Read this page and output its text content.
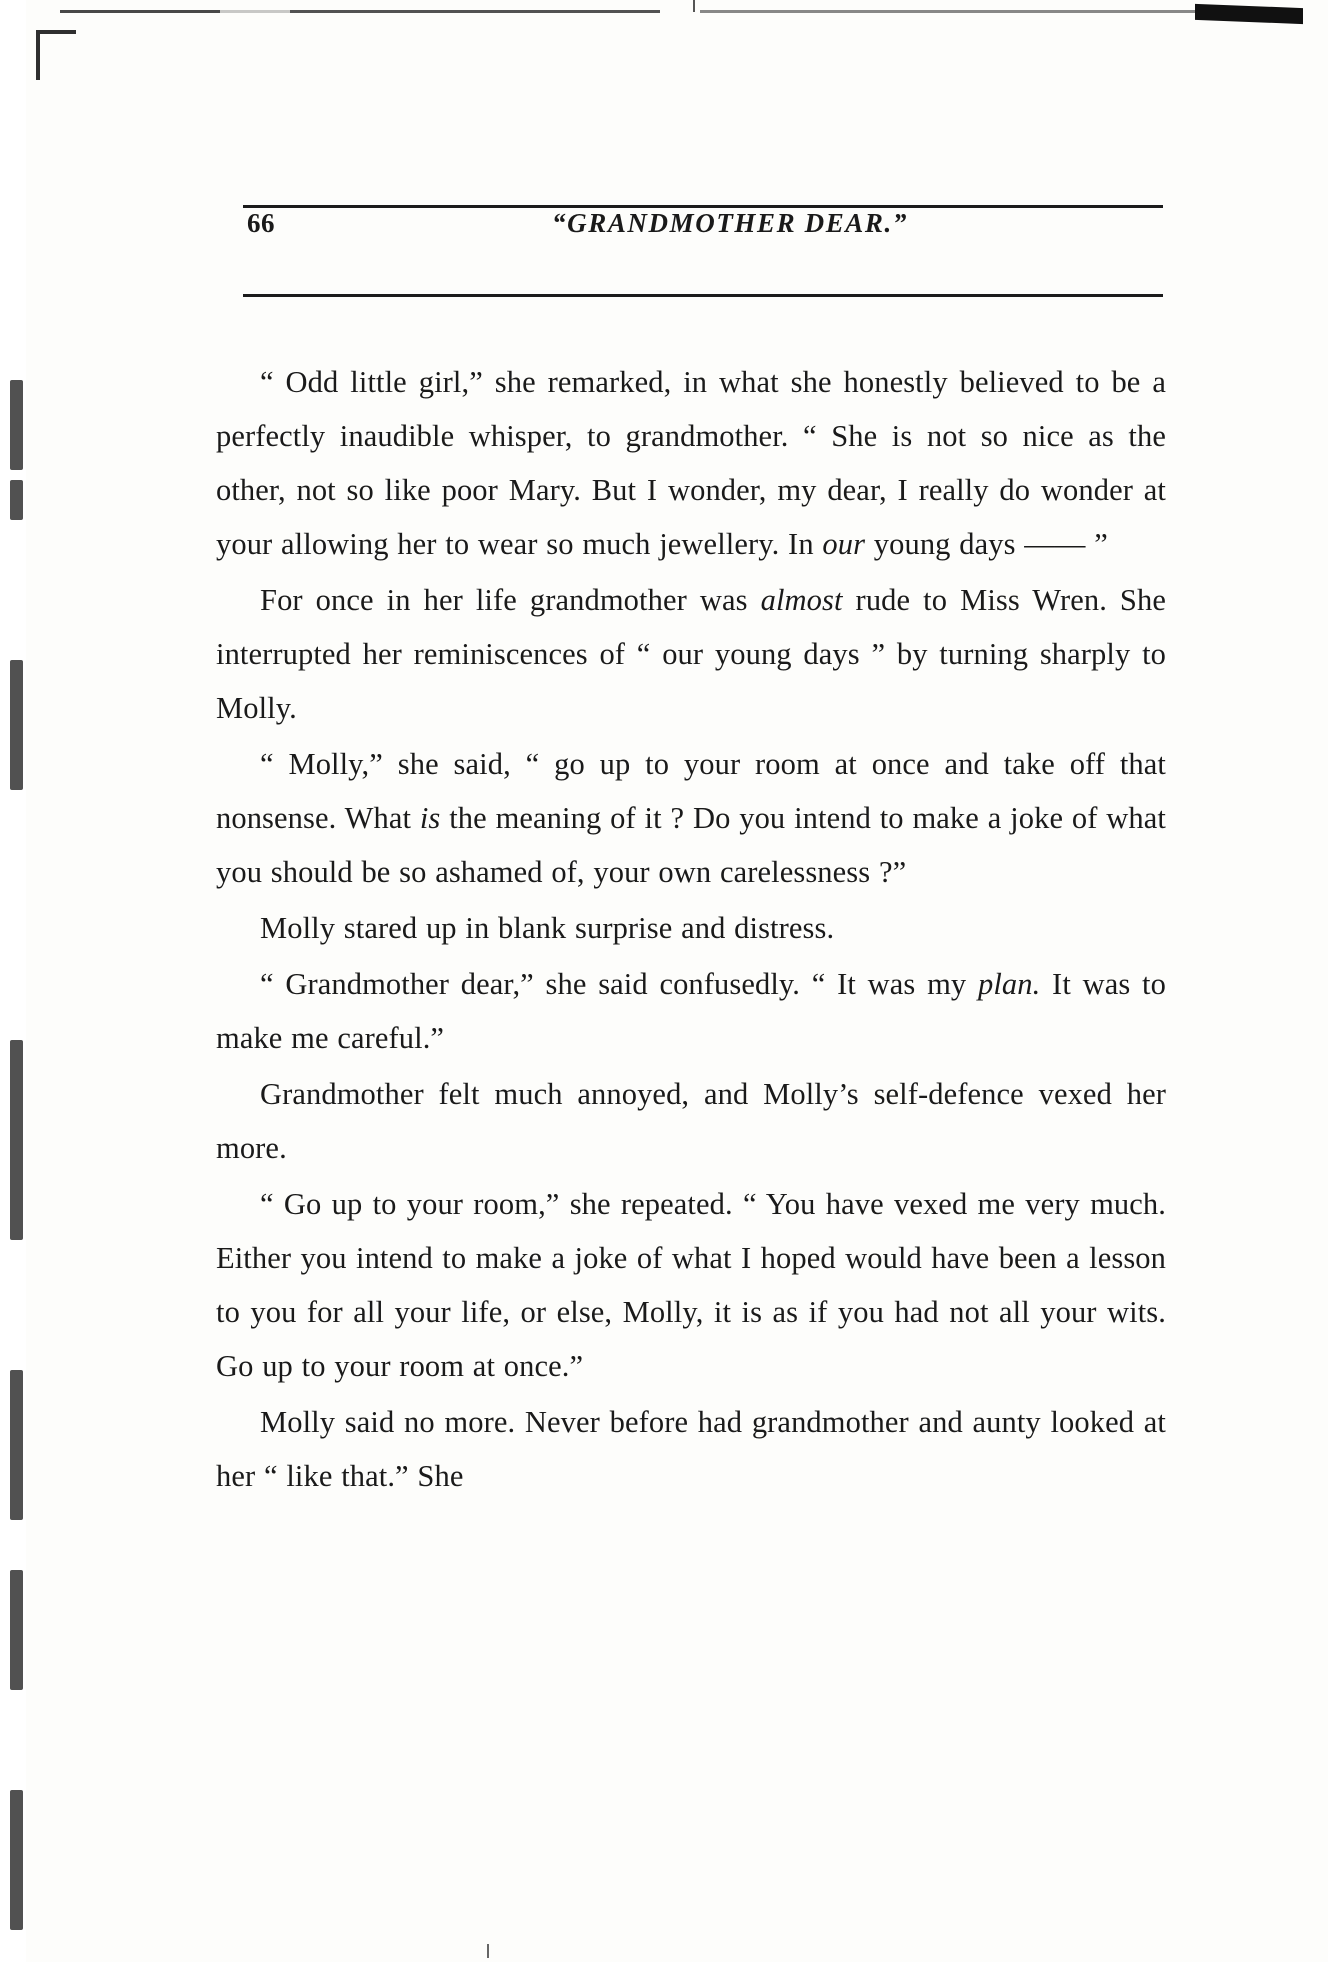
66	“GRANDMOTHER DEAR.”

“ Odd little girl,” she remarked, in what she honestly believed to be a perfectly inaudible whisper, to grandmother. “ She is not so nice as the other, not so like poor Mary. But I wonder, my dear, I really do wonder at your allowing her to wear so much jewellery. In our young days —— ”

For once in her life grandmother was almost rude to Miss Wren. She interrupted her reminiscences of “ our young days ” by turning sharply to Molly.

“ Molly,” she said, “ go up to your room at once and take off that nonsense. What is the meaning of it ? Do you intend to make a joke of what you should be so ashamed of, your own carelessness ?”

Molly stared up in blank surprise and distress.

“ Grandmother dear,” she said confusedly. “ It was my plan. It was to make me careful.”

Grandmother felt much annoyed, and Molly’s self-defence vexed her more.

“ Go up to your room,” she repeated. “ You have vexed me very much. Either you intend to make a joke of what I hoped would have been a lesson to you for all your life, or else, Molly, it is as if you had not all your wits. Go up to your room at once.”

Molly said no more. Never before had grandmother and aunty looked at her “ like that.” She
